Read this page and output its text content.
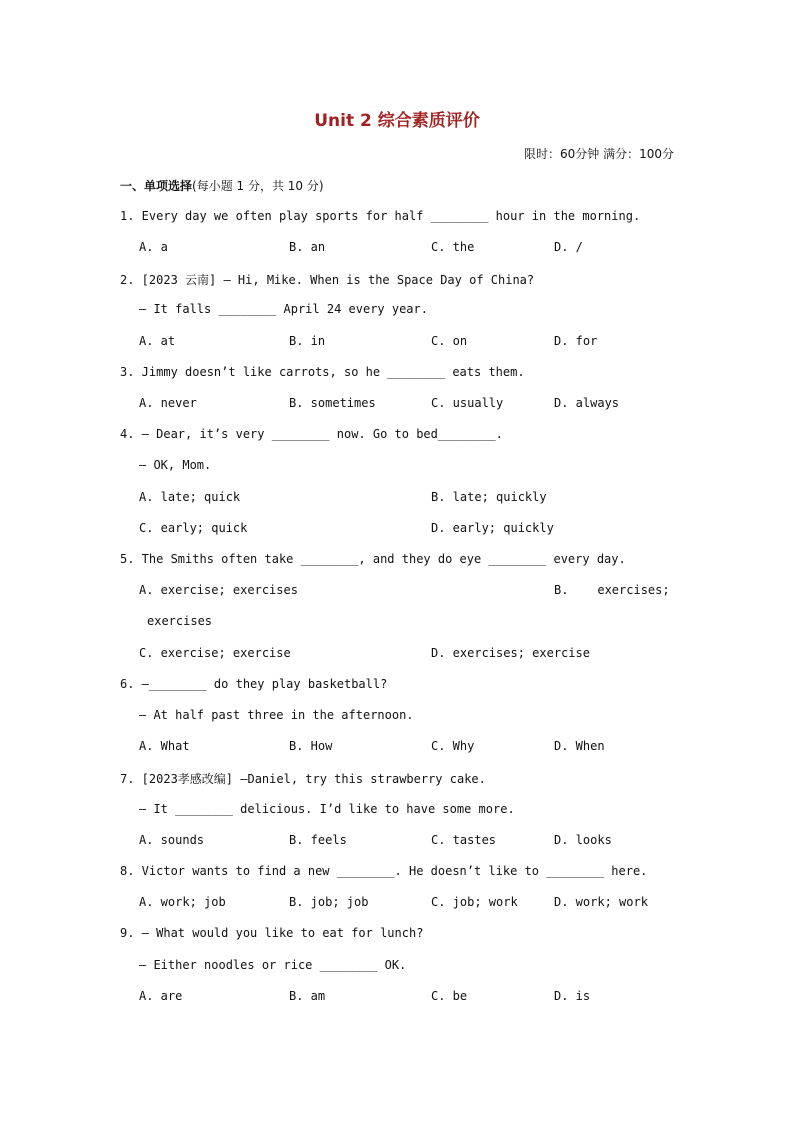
Unit 2 综合素质评价
限时：60分钟 满分：100分
一、单项选择(每小题 1 分，共 10 分)
1. Every day we often play sports for half ________ hour in the morning.
A. a	B. an	C. the	D. /
2. [2023 云南] — Hi, Mike. When is the Space Day of China?
— It falls ________ April 24 every year.
A. at	B. in	C. on	D. for
3. Jimmy doesn’t like carrots, so he ________ eats them.
A. never	B. sometimes	C. usually	D. always
4. — Dear, it’s very ________ now. Go to bed________.
— OK, Mom.
A. late; quick	B. late; quickly
C. early; quick	D. early; quickly
5. The Smiths often take ________, and they do eye ________ every day.
A. exercise; exercises	B.    exercises;
exercises
C. exercise; exercise	D. exercises; exercise
6. —________ do they play basketball?
— At half past three in the afternoon.
A. What	B. How	C. Why	D. When
7. [2023孝感改编] —Daniel, try this strawberry cake.
— It ________ delicious. I’d like to have some more.
A. sounds	B. feels	C. tastes	D. looks
8. Victor wants to find a new ________. He doesn’t like to ________ here.
A. work; job	B. job; job	C. job; work	D. work; work
9. — What would you like to eat for lunch?
— Either noodles or rice ________ OK.
A. are	B. am	C. be	D. is
